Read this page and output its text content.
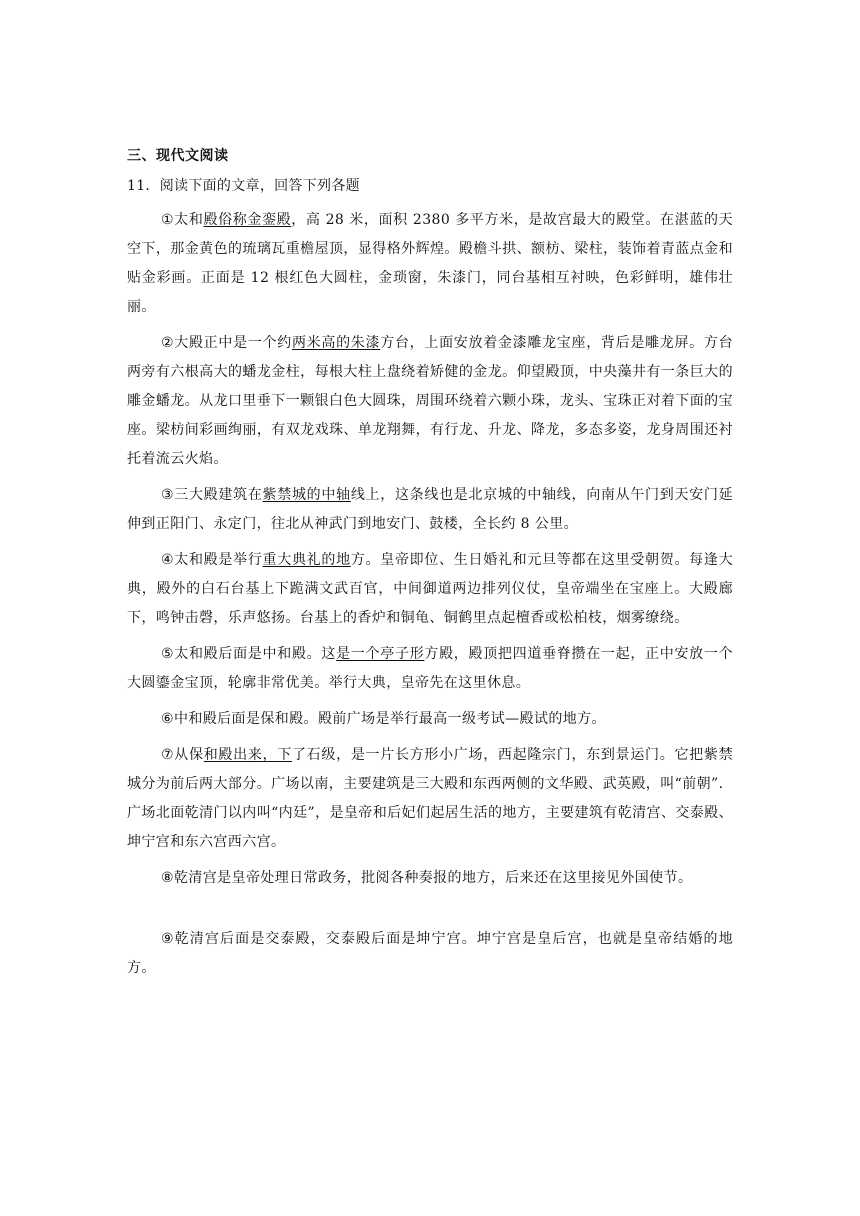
三、现代文阅读
11．阅读下面的文章，回答下列各题

①太和殿俗称金銮殿，高 28 米，面积 2380 多平方米，是故宫最大的殿堂。在湛蓝的天空下，那金黄色的琉璃瓦重檐屋顶，显得格外辉煌。殿檐斗拱、额枋、梁柱，装饰着青蓝点金和贴金彩画。正面是 12 根红色大圆柱，金琐窗，朱漆门，同台基相互衬映，色彩鲜明，雄伟壮丽。

②大殿正中是一个约两米高的朱漆方台，上面安放着金漆雕龙宝座，背后是雕龙屏。方台两旁有六根高大的蟠龙金柱，每根大柱上盘绕着矫健的金龙。仰望殿顶，中央藻井有一条巨大的雕金蟠龙。从龙口里垂下一颗银白色大圆珠，周围环绕着六颗小珠，龙头、宝珠正对着下面的宝座。梁枋间彩画绚丽，有双龙戏珠、单龙翔舞，有行龙、升龙、降龙，多态多姿，龙身周围还衬托着流云火焰。

③三大殿建筑在紫禁城的中轴线上，这条线也是北京城的中轴线，向南从午门到天安门延伸到正阳门、永定门，往北从神武门到地安门、鼓楼，全长约 8 公里。

④太和殿是举行重大典礼的地方。皇帝即位、生日婚礼和元旦等都在这里受朝贺。每逢大典，殿外的白石台基上下跪满文武百官，中间御道两边排列仪仗，皇帝端坐在宝座上。大殿廊下，鸣钟击磬，乐声悠扬。台基上的香炉和铜龟、铜鹤里点起檀香或松柏枝，烟雾缭绕。

⑤太和殿后面是中和殿。这是一个亭子形方殿，殿顶把四道垂脊攒在一起，正中安放一个大圆鎏金宝顶，轮廓非常优美。举行大典，皇帝先在这里休息。

⑥中和殿后面是保和殿。殿前广场是举行最高一级考试—殿试的地方。

⑦从保和殿出来，下了石级，是一片长方形小广场，西起隆宗门，东到景运门。它把紫禁城分为前后两大部分。广场以南，主要建筑是三大殿和东西两侧的文华殿、武英殿，叫“前朝”．广场北面乾清门以内叫“内廷”，是皇帝和后妃们起居生活的地方，主要建筑有乾清宫、交泰殿、坤宁宫和东六宫西六宫。

⑧乾清宫是皇帝处理日常政务，批阅各种奏报的地方，后来还在这里接见外国使节。

⑨乾清宫后面是交泰殿，交泰殿后面是坤宁宫。坤宁宫是皇后宫，也就是皇帝结婚的地方。
